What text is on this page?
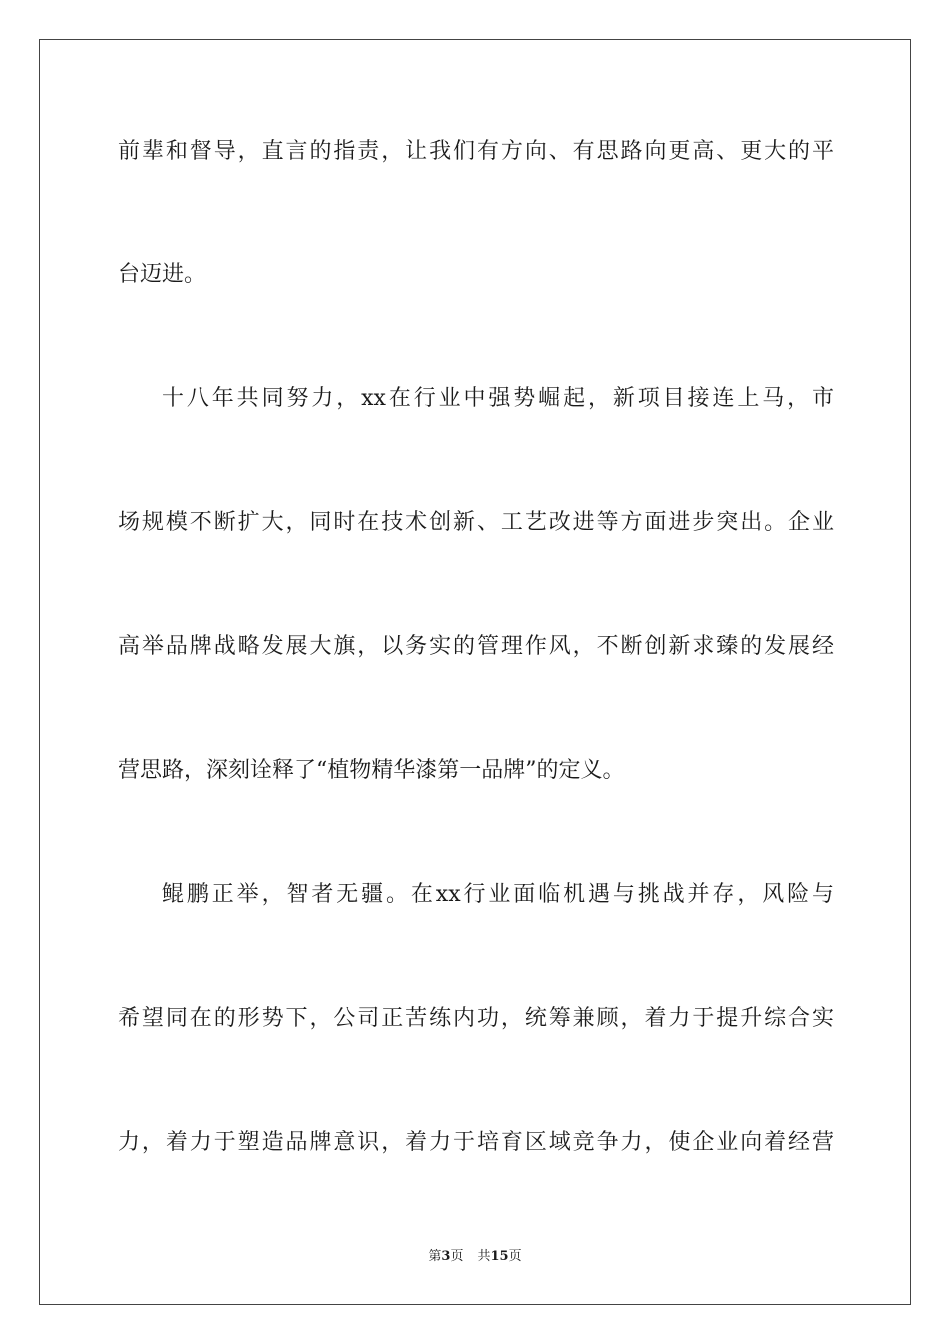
前辈和督导，直言的指责，让我们有方向、有思路向更高、更大的平
台迈进。
十八年共同努力，xx在行业中强势崛起，新项目接连上马，市
场规模不断扩大，同时在技术创新、工艺改进等方面进步突出。企业
高举品牌战略发展大旗，以务实的管理作风，不断创新求臻的发展经
营思路，深刻诠释了“植物精华漆第一品牌”的定义。
鲲鹏正举，智者无疆。在xx行业面临机遇与挑战并存，风险与
希望同在的形势下，公司正苦练内功，统筹兼顾，着力于提升综合实
力，着力于塑造品牌意识，着力于培育区域竞争力，使企业向着经营
第3页 共15页
